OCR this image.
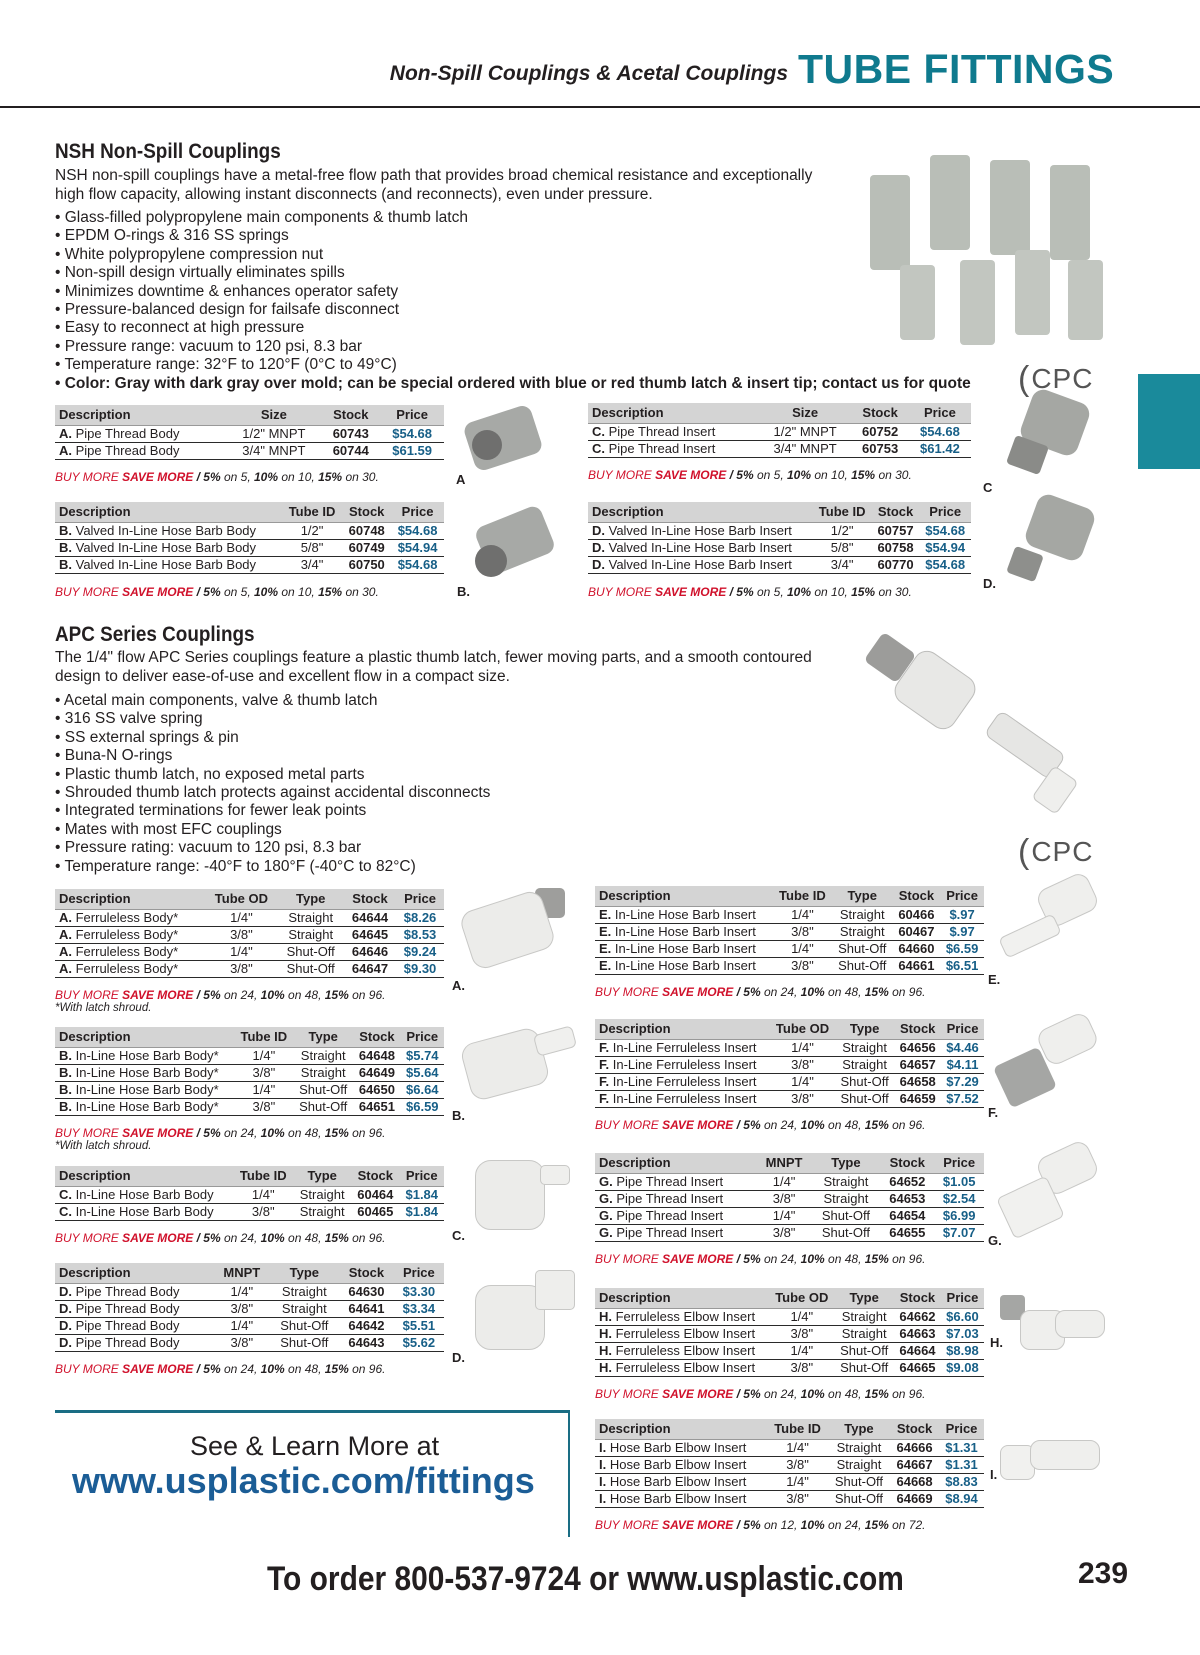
Non-Spill Couplings & Acetal Couplings TUBE FITTINGS
NSH Non-Spill Couplings
NSH non-spill couplings have a metal-free flow path that provides broad chemical resistance and exceptionally high flow capacity, allowing instant disconnects (and reconnects), even under pressure.
• Glass-filled polypropylene main components & thumb latch
• EPDM O-rings & 316 SS springs
• White polypropylene compression nut
• Non-spill design virtually eliminates spills
• Minimizes downtime & enhances operator safety
• Pressure-balanced design for failsafe disconnect
• Easy to reconnect at high pressure
• Pressure range: vacuum to 120 psi, 8.3 bar
• Temperature range: 32°F to 120°F (0°C to 49°C)
• Color: Gray with dark gray over mold; can be special ordered with blue or red thumb latch & insert tip; contact us for quote ( CPC
Description	Size	Stock	Price
A. Pipe Thread Body	1/2" MNPT	60743	$54.68
A. Pipe Thread Body	3/4" MNPT	60744	$61.59
BUY MORE SAVE MORE / 5% on 5, 10% on 10, 15% on 30.	A
Description	Size	Stock	Price
C. Pipe Thread Insert	1/2" MNPT	60752	$54.68
C. Pipe Thread Insert	3/4" MNPT	60753	$61.42
BUY MORE SAVE MORE / 5% on 5, 10% on 10, 15% on 30.
C
Description	Tube ID	Stock	Price
B. Valved In-Line Hose Barb Body	1/2"	60748	$54.68
B. Valved In-Line Hose Barb Body	5/8"	60749	$54.94
B. Valved In-Line Hose Barb Body	3/4"	60750	$54.68
BUY MORE SAVE MORE / 5% on 5, 10% on 10, 15% on 30.	B.
Description	Tube ID	Stock	Price
D. Valved In-Line Hose Barb Insert	1/2"	60757	$54.68
D. Valved In-Line Hose Barb Insert	5/8"	60758	$54.94
D. Valved In-Line Hose Barb Insert	3/4"	60770	$54.68
BUY MORE SAVE MORE / 5% on 5, 10% on 10, 15% on 30.
D.
APC Series Couplings
The 1/4" flow APC Series couplings feature a plastic thumb latch, fewer moving parts, and a smooth contoured design to deliver ease-of-use and excellent flow in a compact size.
• Acetal main components, valve & thumb latch
• 316 SS valve spring
• SS external springs & pin
• Buna-N O-rings
• Plastic thumb latch, no exposed metal parts
• Shrouded thumb latch protects against accidental disconnects
• Integrated terminations for fewer leak points
• Mates with most EFC couplings
• Pressure rating: vacuum to 120 psi, 8.3 bar
• Temperature range: -40°F to 180°F (-40°C to 82°C)	( CPC
Description	Tube OD	Type	Stock	Price
A. Ferruleless Body*	1/4"	Straight	64644	$8.26
A. Ferruleless Body*	3/8"	Straight	64645	$8.53
A. Ferruleless Body*	1/4"	Shut-Off	64646	$9.24
A. Ferruleless Body*	3/8"	Shut-Off	64647	$9.30
BUY MORE SAVE MORE / 5% on 24, 10% on 48, 15% on 96.
*With latch shroud.
A.
Description	Tube ID	Type	Stock	Price
E. In-Line Hose Barb Insert	1/4"	Straight	60466	$.97
E. In-Line Hose Barb Insert	3/8"	Straight	60467	$.97
E. In-Line Hose Barb Insert	1/4"	Shut-Off	64660	$6.59
E. In-Line Hose Barb Insert	3/8"	Shut-Off	64661	$6.51
BUY MORE SAVE MORE / 5% on 24, 10% on 48, 15% on 96.
E.
Description	Tube ID	Type	Stock	Price
B. In-Line Hose Barb Body*	1/4"	Straight	64648	$5.74
B. In-Line Hose Barb Body*	3/8"	Straight	64649	$5.64
B. In-Line Hose Barb Body*	1/4"	Shut-Off	64650	$6.64
B. In-Line Hose Barb Body*	3/8"	Shut-Off	64651	$6.59
BUY MORE SAVE MORE / 5% on 24, 10% on 48, 15% on 96.
*With latch shroud.
B.
Description	Tube OD	Type	Stock	Price
F. In-Line Ferruleless Insert	1/4"	Straight	64656	$4.46
F. In-Line Ferruleless Insert	3/8"	Straight	64657	$4.11
F. In-Line Ferruleless Insert	1/4"	Shut-Off	64658	$7.29
F. In-Line Ferruleless Insert	3/8"	Shut-Off	64659	$7.52
BUY MORE SAVE MORE / 5% on 24, 10% on 48, 15% on 96.
F.
Description	Tube ID	Type	Stock	Price
C. In-Line Hose Barb Body	1/4"	Straight	60464	$1.84
C. In-Line Hose Barb Body	3/8"	Straight	60465	$1.84
BUY MORE SAVE MORE / 5% on 24, 10% on 48, 15% on 96.	C.
Description	MNPT	Type	Stock	Price
G. Pipe Thread Insert	1/4"	Straight	64652	$1.05
G. Pipe Thread Insert	3/8"	Straight	64653	$2.54
G. Pipe Thread Insert	1/4"	Shut-Off	64654	$6.99
G. Pipe Thread Insert	3/8"	Shut-Off	64655	$7.07
BUY MORE SAVE MORE / 5% on 24, 10% on 48, 15% on 96.
G.
Description	MNPT	Type	Stock	Price
D. Pipe Thread Body	1/4"	Straight	64630	$3.30
D. Pipe Thread Body	3/8"	Straight	64641	$3.34
D. Pipe Thread Body	1/4"	Shut-Off	64642	$5.51
D. Pipe Thread Body	3/8"	Shut-Off	64643	$5.62
BUY MORE SAVE MORE / 5% on 24, 10% on 48, 15% on 96.
D.
Description	Tube OD	Type	Stock	Price
H. Ferruleless Elbow Insert	1/4"	Straight	64662	$6.60
H. Ferruleless Elbow Insert	3/8"	Straight	64663	$7.03
H. Ferruleless Elbow Insert	1/4"	Shut-Off	64664	$8.98
H. Ferruleless Elbow Insert	3/8"	Shut-Off	64665	$9.08
BUY MORE SAVE MORE / 5% on 24, 10% on 48, 15% on 96.
H.
Description	Tube ID	Type	Stock	Price
I. Hose Barb Elbow Insert	1/4"	Straight	64666	$1.31
I. Hose Barb Elbow Insert	3/8"	Straight	64667	$1.31
I. Hose Barb Elbow Insert	1/4"	Shut-Off	64668	$8.83
I. Hose Barb Elbow Insert	3/8"	Shut-Off	64669	$8.94
BUY MORE SAVE MORE / 5% on 12, 10% on 24, 15% on 72.
I.
See & Learn More at
www.usplastic.com/fittings
To order 800-537-9724 or www.usplastic.com	239
